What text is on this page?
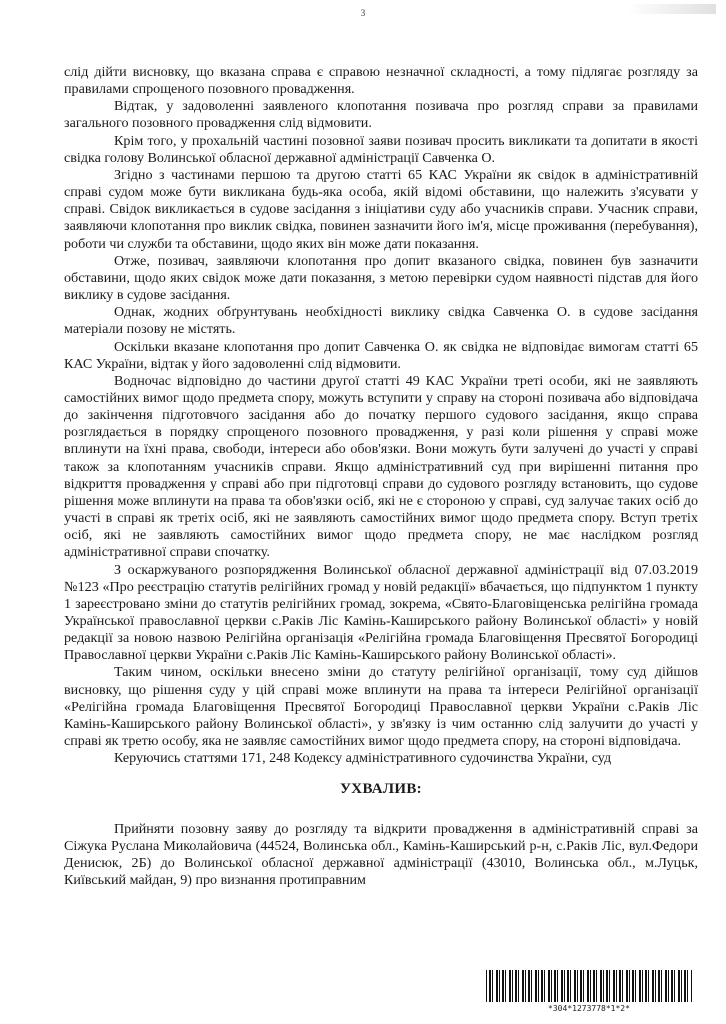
3

слід дійти висновку, що вказана справа є справою незначної складності, а тому підлягає розгляду за правилами спрощеного позовного провадження.

Відтак, у задоволенні заявленого клопотання позивача про розгляд справи за правилами загального позовного провадження слід відмовити.

Крім того, у прохальній частині позовної заяви позивач просить викликати та допитати в якості свідка голову Волинської обласної державної адміністрації Савченка О.

Згідно з частинами першою та другою статті 65 КАС України як свідок в адміністративній справі судом може бути викликана будь-яка особа, якій відомі обставини, що належить з'ясувати у справі. Свідок викликається в судове засідання з ініціативи суду або учасників справи. Учасник справи, заявляючи клопотання про виклик свідка, повинен зазначити його ім'я, місце проживання (перебування), роботи чи служби та обставини, щодо яких він може дати показання.

Отже, позивач, заявляючи клопотання про допит вказаного свідка, повинен був зазначити обставини, щодо яких свідок може дати показання, з метою перевірки судом наявності підстав для його виклику в судове засідання.

Однак, жодних обґрунтувань необхідності виклику свідка Савченка О. в судове засідання матеріали позову не містять.

Оскільки вказане клопотання про допит Савченка О. як свідка не відповідає вимогам статті 65 КАС України, відтак у його задоволенні слід відмовити.

Водночас відповідно до частини другої статті 49 КАС України треті особи, які не заявляють самостійних вимог щодо предмета спору, можуть вступити у справу на стороні позивача або відповідача до закінчення підготовчого засідання або до початку першого судового засідання, якщо справа розглядається в порядку спрощеного позовного провадження, у разі коли рішення у справі може вплинути на їхні права, свободи, інтереси або обов'язки. Вони можуть бути залучені до участі у справі також за клопотанням учасників справи. Якщо адміністративний суд при вирішенні питання про відкриття провадження у справі або при підготовці справи до судового розгляду встановить, що судове рішення може вплинути на права та обов'язки осіб, які не є стороною у справі, суд залучає таких осіб до участі в справі як третіх осіб, які не заявляють самостійних вимог щодо предмета спору. Вступ третіх осіб, які не заявляють самостійних вимог щодо предмета спору, не має наслідком розгляд адміністративної справи спочатку.

З оскаржуваного розпорядження Волинської обласної державної адміністрації від 07.03.2019 №123 «Про реєстрацію статутів релігійних громад у новій редакції» вбачається, що підпунктом 1 пункту 1 зареєстровано зміни до статутів релігійних громад, зокрема, «Свято-Благовіщенська релігійна громада Української православної церкви с.Раків Ліс Камінь-Каширського району Волинської області» у новій редакції за новою назвою Релігійна організація «Релігійна громада Благовіщення Пресвятої Богородиці Православної церкви України с.Раків Ліс Камінь-Каширського району Волинської області».

Таким чином, оскільки внесено зміни до статуту релігійної організації, тому суд дійшов висновку, що рішення суду у цій справі може вплинути на права та інтереси Релігійної організації «Релігійна громада Благовіщення Пресвятої Богородиці Православної церкви України с.Раків Ліс Камінь-Каширського району Волинської області», у зв'язку із чим останню слід залучити до участі у справі як третю особу, яка не заявляє самостійних вимог щодо предмета спору, на стороні відповідача.

Керуючись статтями 171, 248 Кодексу адміністративного судочинства України, суд

УХВАЛИВ:

Прийняти позовну заяву до розгляду та відкрити провадження в адміністративній справі за Сіжука Руслана Миколайовича (44524, Волинська обл., Камінь-Каширський р-н, с.Раків Ліс, вул.Федори Денисюк, 2Б) до Волинської обласної державної адміністрації (43010, Волинська обл., м.Луцьк, Київський майдан, 9) про визнання протиправним

*304*1273778*1*2*
